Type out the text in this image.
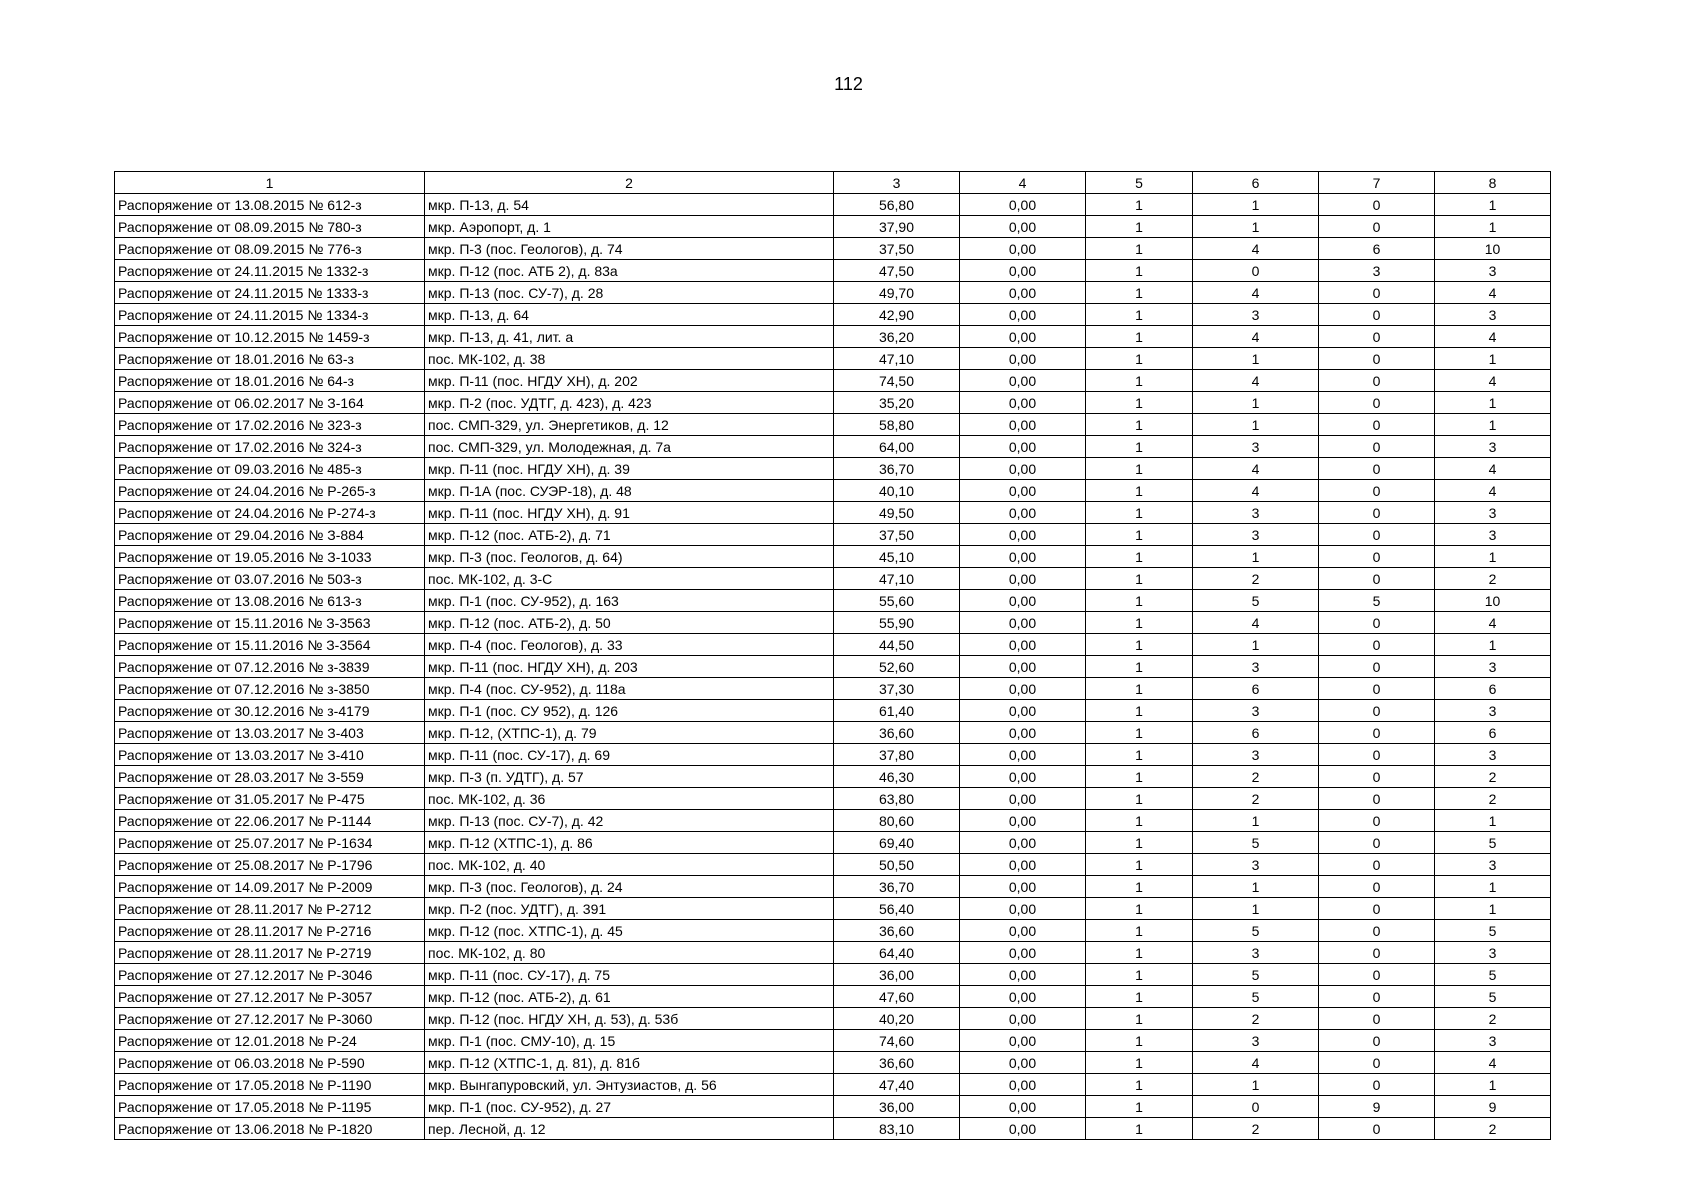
112
1	2	3	4	5	6	7	8
Распоряжение от 13.08.2015 № 612-з	мкр. П-13, д. 54	56,80	0,00	1	1	0	1
Распоряжение от 08.09.2015 № 780-з	мкр. Аэропорт, д. 1	37,90	0,00	1	1	0	1
Распоряжение от 08.09.2015 № 776-з	мкр. П-3 (пос. Геологов), д. 74	37,50	0,00	1	4	6	10
Распоряжение от 24.11.2015 № 1332-з	мкр. П-12 (пос. АТБ 2), д. 83а	47,50	0,00	1	0	3	3
Распоряжение от 24.11.2015 № 1333-з	мкр. П-13 (пос. СУ-7), д. 28	49,70	0,00	1	4	0	4
Распоряжение от 24.11.2015 № 1334-з	мкр. П-13, д. 64	42,90	0,00	1	3	0	3
Распоряжение от 10.12.2015 № 1459-з	мкр. П-13, д. 41, лит. а	36,20	0,00	1	4	0	4
Распоряжение от 18.01.2016 № 63-з	пос. МК-102, д. 38	47,10	0,00	1	1	0	1
Распоряжение от 18.01.2016 № 64-з	мкр. П-11 (пос. НГДУ ХН), д. 202	74,50	0,00	1	4	0	4
Распоряжение от 06.02.2017 № З-164	мкр. П-2 (пос. УДТГ, д. 423), д. 423	35,20	0,00	1	1	0	1
Распоряжение от 17.02.2016 № 323-з	пос. СМП-329, ул. Энергетиков, д. 12	58,80	0,00	1	1	0	1
Распоряжение от 17.02.2016 № 324-з	пос. СМП-329, ул. Молодежная, д. 7а	64,00	0,00	1	3	0	3
Распоряжение от 09.03.2016 № 485-з	мкр. П-11 (пос. НГДУ ХН), д. 39	36,70	0,00	1	4	0	4
Распоряжение от 24.04.2016 № Р-265-з	мкр. П-1А (пос. СУЭР-18), д. 48	40,10	0,00	1	4	0	4
Распоряжение от 24.04.2016 № Р-274-з	мкр. П-11 (пос. НГДУ ХН), д. 91	49,50	0,00	1	3	0	3
Распоряжение от 29.04.2016 № З-884	мкр. П-12 (пос. АТБ-2), д. 71	37,50	0,00	1	3	0	3
Распоряжение от 19.05.2016 № З-1033	мкр. П-3 (пос. Геологов, д. 64)	45,10	0,00	1	1	0	1
Распоряжение от 03.07.2016 № 503-з	пос. МК-102, д. 3-С	47,10	0,00	1	2	0	2
Распоряжение от 13.08.2016 № 613-з	мкр. П-1 (пос. СУ-952), д. 163	55,60	0,00	1	5	5	10
Распоряжение от 15.11.2016 № З-3563	мкр. П-12 (пос. АТБ-2), д. 50	55,90	0,00	1	4	0	4
Распоряжение от 15.11.2016 № З-3564	мкр. П-4 (пос. Геологов), д. 33	44,50	0,00	1	1	0	1
Распоряжение от 07.12.2016 № з-3839	мкр. П-11 (пос. НГДУ ХН), д. 203	52,60	0,00	1	3	0	3
Распоряжение от 07.12.2016 № з-3850	мкр. П-4 (пос. СУ-952), д. 118а	37,30	0,00	1	6	0	6
Распоряжение от 30.12.2016 № з-4179	мкр. П-1 (пос. СУ 952), д. 126	61,40	0,00	1	3	0	3
Распоряжение от 13.03.2017 № З-403	мкр. П-12, (ХТПС-1), д. 79	36,60	0,00	1	6	0	6
Распоряжение от 13.03.2017 № З-410	мкр. П-11 (пос. СУ-17), д. 69	37,80	0,00	1	3	0	3
Распоряжение от 28.03.2017 № З-559	мкр. П-3 (п. УДТГ), д. 57	46,30	0,00	1	2	0	2
Распоряжение от 31.05.2017 № Р-475	пос. МК-102, д. 36	63,80	0,00	1	2	0	2
Распоряжение от 22.06.2017 № Р-1144	мкр. П-13 (пос. СУ-7), д. 42	80,60	0,00	1	1	0	1
Распоряжение от 25.07.2017 № Р-1634	мкр. П-12 (ХТПС-1), д. 86	69,40	0,00	1	5	0	5
Распоряжение от 25.08.2017 № Р-1796	пос. МК-102, д. 40	50,50	0,00	1	3	0	3
Распоряжение от 14.09.2017 № Р-2009	мкр. П-3 (пос. Геологов), д. 24	36,70	0,00	1	1	0	1
Распоряжение от 28.11.2017 № Р-2712	мкр. П-2 (пос. УДТГ), д. 391	56,40	0,00	1	1	0	1
Распоряжение от 28.11.2017 № Р-2716	мкр. П-12 (пос. ХТПС-1), д. 45	36,60	0,00	1	5	0	5
Распоряжение от 28.11.2017 № Р-2719	пос. МК-102, д. 80	64,40	0,00	1	3	0	3
Распоряжение от 27.12.2017 № Р-3046	мкр. П-11 (пос. СУ-17), д. 75	36,00	0,00	1	5	0	5
Распоряжение от 27.12.2017 № Р-3057	мкр. П-12 (пос. АТБ-2), д. 61	47,60	0,00	1	5	0	5
Распоряжение от 27.12.2017 № Р-3060	мкр. П-12 (пос. НГДУ ХН, д. 53), д. 53б	40,20	0,00	1	2	0	2
Распоряжение от 12.01.2018 № Р-24	мкр. П-1 (пос. СМУ-10), д. 15	74,60	0,00	1	3	0	3
Распоряжение от 06.03.2018 № Р-590	мкр. П-12 (ХТПС-1, д. 81), д. 81б	36,60	0,00	1	4	0	4
Распоряжение от 17.05.2018 № Р-1190	мкр. Вынгапуровский, ул. Энтузиастов, д. 56	47,40	0,00	1	1	0	1
Распоряжение от 17.05.2018 № Р-1195	мкр. П-1 (пос. СУ-952), д. 27	36,00	0,00	1	0	9	9
Распоряжение от 13.06.2018 № Р-1820	пер. Лесной, д. 12	83,10	0,00	1	2	0	2
